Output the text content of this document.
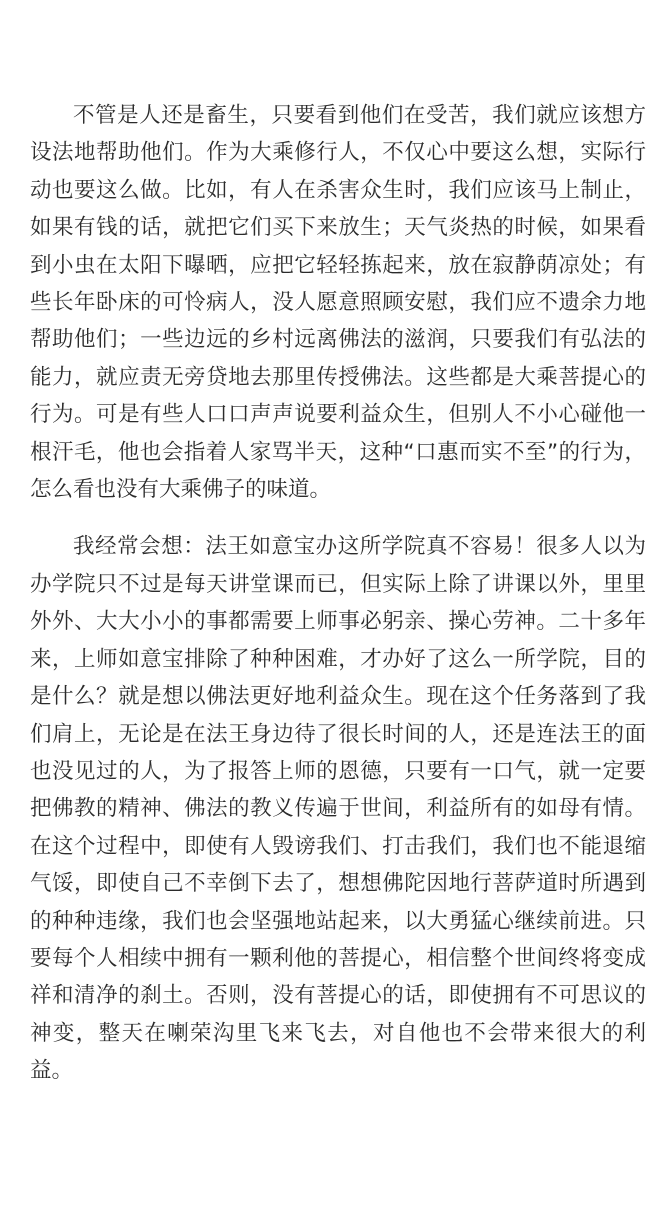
不管是人还是畜生，只要看到他们在受苦，我们就应该想方设法地帮助他们。作为大乘修行人，不仅心中要这么想，实际行动也要这么做。比如，有人在杀害众生时，我们应该马上制止，如果有钱的话，就把它们买下来放生；天气炎热的时候，如果看到小虫在太阳下曝晒，应把它轻轻拣起来，放在寂静荫凉处；有些长年卧床的可怜病人，没人愿意照顾安慰，我们应不遗余力地帮助他们；一些边远的乡村远离佛法的滋润，只要我们有弘法的能力，就应责无旁贷地去那里传授佛法。这些都是大乘菩提心的行为。可是有些人口口声声说要利益众生，但别人不小心碰他一根汗毛，他也会指着人家骂半天，这种“口惠而实不至”的行为，怎么看也没有大乘佛子的味道。

我经常会想：法王如意宝办这所学院真不容易！很多人以为办学院只不过是每天讲堂课而已，但实际上除了讲课以外，里里外外、大大小小的事都需要上师事必躬亲、操心劳神。二十多年来，上师如意宝排除了种种困难，才办好了这么一所学院，目的是什么？就是想以佛法更好地利益众生。现在这个任务落到了我们肩上，无论是在法王身边待了很长时间的人，还是连法王的面也没见过的人，为了报答上师的恩德，只要有一口气，就一定要把佛教的精神、佛法的教义传遍于世间，利益所有的如母有情。在这个过程中，即使有人毁谤我们、打击我们，我们也不能退缩气馁，即使自己不幸倒下去了，想想佛陀因地行菩萨道时所遇到的种种违缘，我们也会坚强地站起来，以大勇猛心继续前进。只要每个人相续中拥有一颗利他的菩提心，相信整个世间终将变成祥和清净的刹土。否则，没有菩提心的话，即使拥有不可思议的神变，整天在喇荣沟里飞来飞去，对自他也不会带来很大的利益。
